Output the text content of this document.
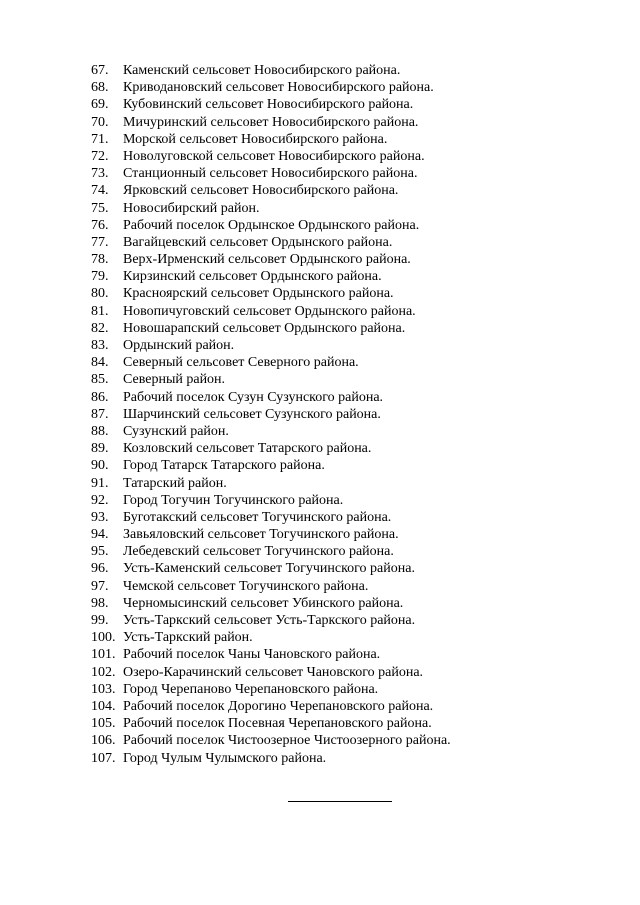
67. Каменский сельсовет Новосибирского района.
68. Криводановский сельсовет Новосибирского района.
69. Кубовинский сельсовет Новосибирского района.
70. Мичуринский сельсовет Новосибирского района.
71. Морской сельсовет Новосибирского района.
72. Новолуговской сельсовет Новосибирского района.
73. Станционный сельсовет Новосибирского района.
74. Ярковский сельсовет Новосибирского района.
75. Новосибирский район.
76. Рабочий поселок Ордынское Ордынского района.
77. Вагайцевский сельсовет Ордынского района.
78. Верх-Ирменский сельсовет Ордынского района.
79. Кирзинский сельсовет Ордынского района.
80. Красноярский сельсовет Ордынского района.
81. Новопичуговский сельсовет Ордынского района.
82. Новошарапский сельсовет Ордынского района.
83. Ордынский район.
84. Северный сельсовет Северного района.
85. Северный район.
86. Рабочий поселок Сузун Сузунского района.
87. Шарчинский сельсовет Сузунского района.
88. Сузунский район.
89. Козловский сельсовет Татарского района.
90. Город Татарск Татарского района.
91. Татарский район.
92. Город Тогучин Тогучинского района.
93. Буготакский сельсовет Тогучинского района.
94. Завьяловский сельсовет Тогучинского района.
95. Лебедевский сельсовет Тогучинского района.
96. Усть-Каменский сельсовет Тогучинского района.
97. Чемской сельсовет Тогучинского района.
98. Черномысинский сельсовет Убинского района.
99. Усть-Таркский сельсовет Усть-Таркского района.
100. Усть-Таркский район.
101. Рабочий поселок Чаны Чановского района.
102. Озеро-Карачинский сельсовет Чановского района.
103. Город Черепаново Черепановского района.
104. Рабочий поселок Дорогино Черепановского района.
105. Рабочий поселок Посевная Черепановского района.
106. Рабочий поселок Чистоозерное Чистоозерного района.
107. Город Чулым Чулымского района.
